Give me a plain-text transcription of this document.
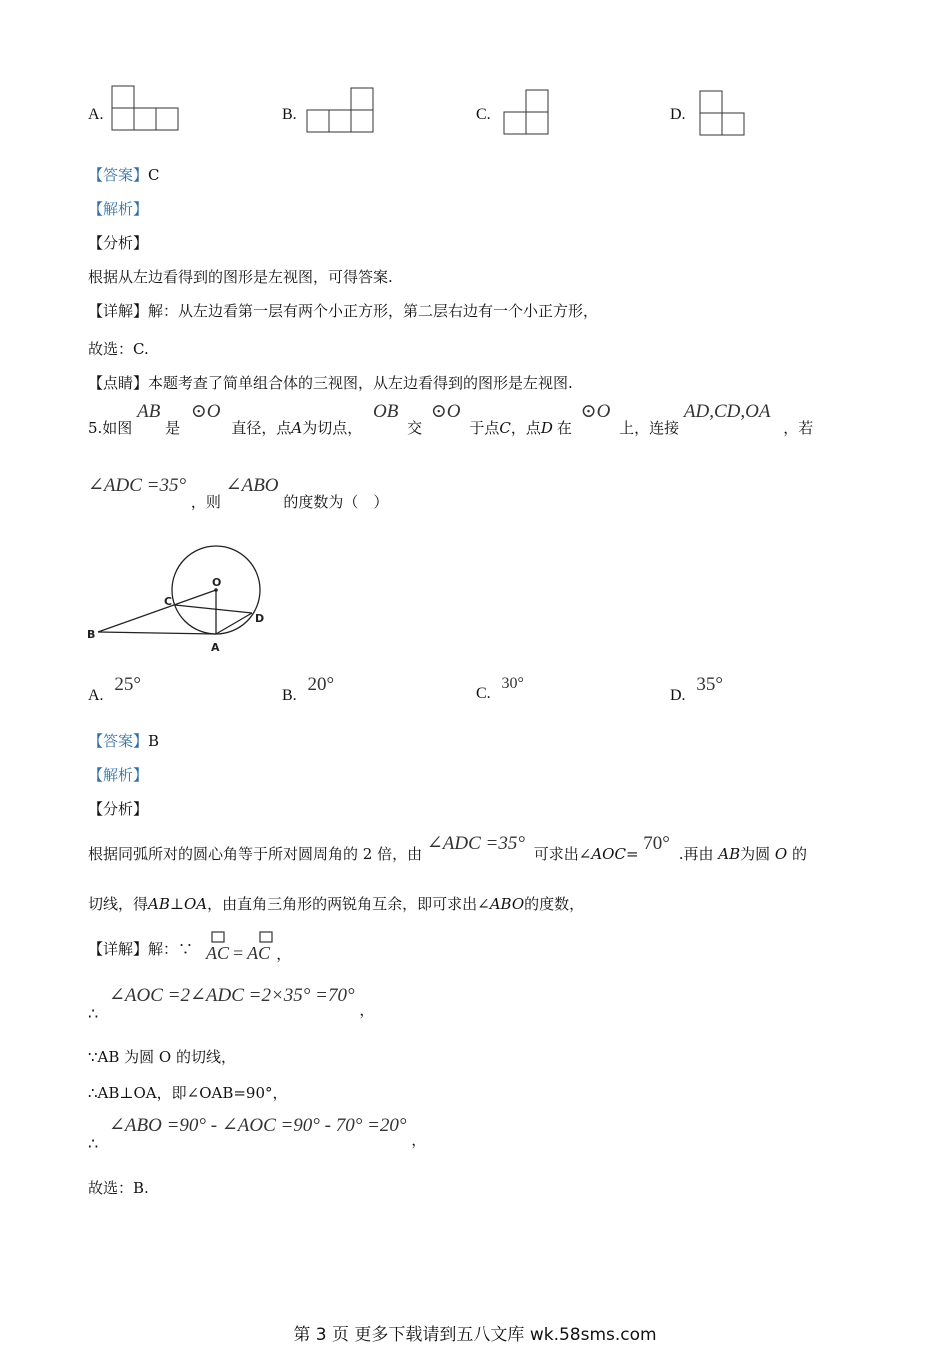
A.	B.	C.	D.
【答案】C
【解析】
【分析】
根据从左边看得到的图形是左视图，可得答案.
【详解】解：从左边看第一层有两个小正方形，第二层右边有一个小正方形，
故选：C.
【点睛】本题考查了简单组合体的三视图，从左边看得到的图形是左视图.
5.如图 AB 是 ⊙O 直径，点A为切点， OB 交 ⊙O 于点C，点D 在 ⊙O 上，连接 AD,CD,OA ，若
∠ADC =35° ，则 ∠ABO 的度数为（　）
O
C
B
A
D
A. 25°
B. 20°	C. 30°
D. 35°
【答案】B
【解析】
【分析】
根据同弧所对的圆心角等于所对圆周角的 2 倍，由 ∠ADC =35° 可求出∠AOC= 70° .再由 AB为圆 O 的
切线，得AB⊥OA，由直角三角形的两锐角互余，即可求出∠ABO的度数，
【详解】解：∵ AC = AC ，
∴ ∠AOC =2∠ADC =2×35° =70° ，
∵AB 为圆 O 的切线，
∴AB⊥OA，即∠OAB=90°，
∴ ∠ABO =90° - ∠AOC =90° - 70° =20° ，
故选：B.
第 3 页 更多下载请到五八文库 wk.58sms.com
